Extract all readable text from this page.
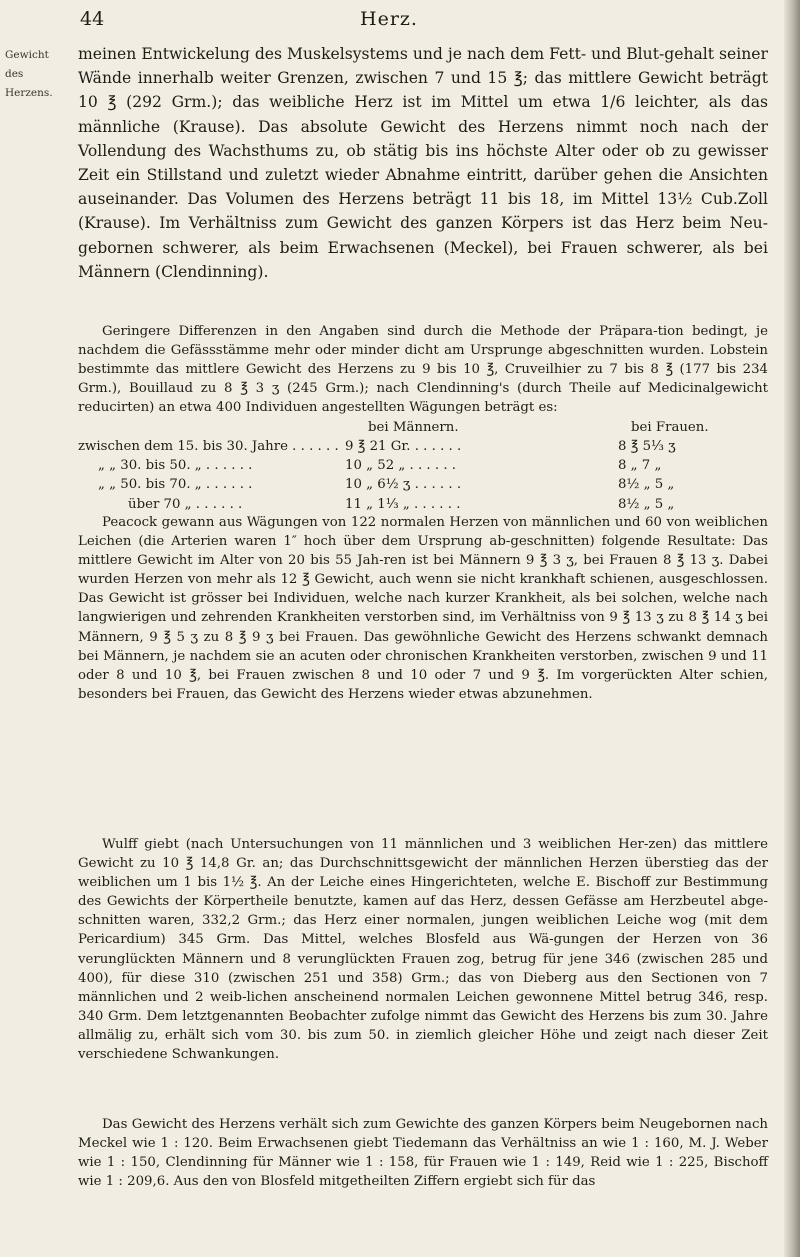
44	Herz.
Gewicht des
Herzens.

meinen Entwickelung des Muskelsystems und je nach dem Fett- und Blut-gehalt seiner Wände innerhalb weiter Grenzen, zwischen 7 und 15 ℥; das mittlere Gewicht beträgt 10 ℥ (292 Grm.); das weibliche Herz ist im Mittel um etwa 1/6 leichter, als das männliche (Krause). Das absolute Gewicht des Herzens nimmt noch nach der Vollendung des Wachsthums zu, ob stätig bis ins höchste Alter oder ob zu gewisser Zeit ein Stillstand und zuletzt wieder Abnahme eintritt, darüber gehen die Ansichten auseinander. Das Volumen des Herzens beträgt 11 bis 18, im Mittel 13½ Cub.Zoll (Krause). Im Verhältniss zum Gewicht des ganzen Körpers ist das Herz beim Neu-gebornen schwerer, als beim Erwachsenen (Meckel), bei Frauen schwerer, als bei Männern (Clendinning).

Geringere Differenzen in den Angaben sind durch die Methode der Präpara-tion bedingt, je nachdem die Gefässstämme mehr oder minder dicht am Ursprunge abgeschnitten wurden. Lobstein bestimmte das mittlere Gewicht des Herzens zu 9 bis 10 ℥, Cruveilhier zu 7 bis 8 ℥ (177 bis 234 Grm.), Bouillaud zu 8 ℥ 3 ʒ (245 Grm.); nach Clendinning's (durch Theile auf Medicinalgewicht reducirten) an etwa 400 Individuen angestellten Wägungen beträgt es:

bei Männern.	bei Frauen.
zwischen dem 15. bis 30. Jahre . . . . . . 9 ℥ 21 Gr. . . . . . .	8 ℥ 5⅓ ʒ
„ „ 30. bis 50. „ . . . . . .	10 „ 52 „ . . . . . .	8 „ 7 „
„ „ 50. bis 70. „ . . . . . .	10 „ 6½ ʒ . . . . . .	8½ „ 5 „
über 70 „ . . . . . .	11 „ 1⅓ „ . . . . . .	8½ „ 5 „

Peacock gewann aus Wägungen von 122 normalen Herzen von männlichen und 60 von weiblichen Leichen (die Arterien waren 1″ hoch über dem Ursprung ab-geschnitten) folgende Resultate: Das mittlere Gewicht im Alter von 20 bis 55 Jah-ren ist bei Männern 9 ℥ 3 ʒ, bei Frauen 8 ℥ 13 ʒ. Dabei wurden Herzen von mehr als 12 ℥ Gewicht, auch wenn sie nicht krankhaft schienen, ausgeschlossen. Das Gewicht ist grösser bei Individuen, welche nach kurzer Krankheit, als bei solchen, welche nach langwierigen und zehrenden Krankheiten verstorben sind, im Verhältniss von 9 ℥ 13 ʒ zu 8 ℥ 14 ʒ bei Männern, 9 ℥ 5 ʒ zu 8 ℥ 9 ʒ bei Frauen. Das gewöhnliche Gewicht des Herzens schwankt demnach bei Männern, je nachdem sie an acuten oder chronischen Krankheiten verstorben, zwischen 9 und 11 oder 8 und 10 ℥, bei Frauen zwischen 8 und 10 oder 7 und 9 ℥. Im vorgerückten Alter schien, besonders bei Frauen, das Gewicht des Herzens wieder etwas abzunehmen.

Wulff giebt (nach Untersuchungen von 11 männlichen und 3 weiblichen Her-zen) das mittlere Gewicht zu 10 ℥ 14,8 Gr. an; das Durchschnittsgewicht der männlichen Herzen überstieg das der weiblichen um 1 bis 1½ ℥. An der Leiche eines Hingerichteten, welche E. Bischoff zur Bestimmung des Gewichts der Körpertheile benutzte, kamen auf das Herz, dessen Gefässe am Herzbeutel abge-schnitten waren, 332,2 Grm.; das Herz einer normalen, jungen weiblichen Leiche wog (mit dem Pericardium) 345 Grm. Das Mittel, welches Blosfeld aus Wä-gungen der Herzen von 36 verunglückten Männern und 8 verunglückten Frauen zog, betrug für jene 346 (zwischen 285 und 400), für diese 310 (zwischen 251 und 358) Grm.; das von Dieberg aus den Sectionen von 7 männlichen und 2 weib-lichen anscheinend normalen Leichen gewonnene Mittel betrug 346, resp. 340 Grm. Dem letztgenannten Beobachter zufolge nimmt das Gewicht des Herzens bis zum 30. Jahre allmälig zu, erhält sich vom 30. bis zum 50. in ziemlich gleicher Höhe und zeigt nach dieser Zeit verschiedene Schwankungen.

Das Gewicht des Herzens verhält sich zum Gewichte des ganzen Körpers beim Neugebornen nach Meckel wie 1 : 120. Beim Erwachsenen giebt Tiedemann das Verhältniss an wie 1 : 160, M. J. Weber wie 1 : 150, Clendinning für Männer wie 1 : 158, für Frauen wie 1 : 149, Reid wie 1 : 225, Bischoff wie 1 : 209,6. Aus den von Blosfeld mitgetheilten Ziffern ergiebt sich für das
